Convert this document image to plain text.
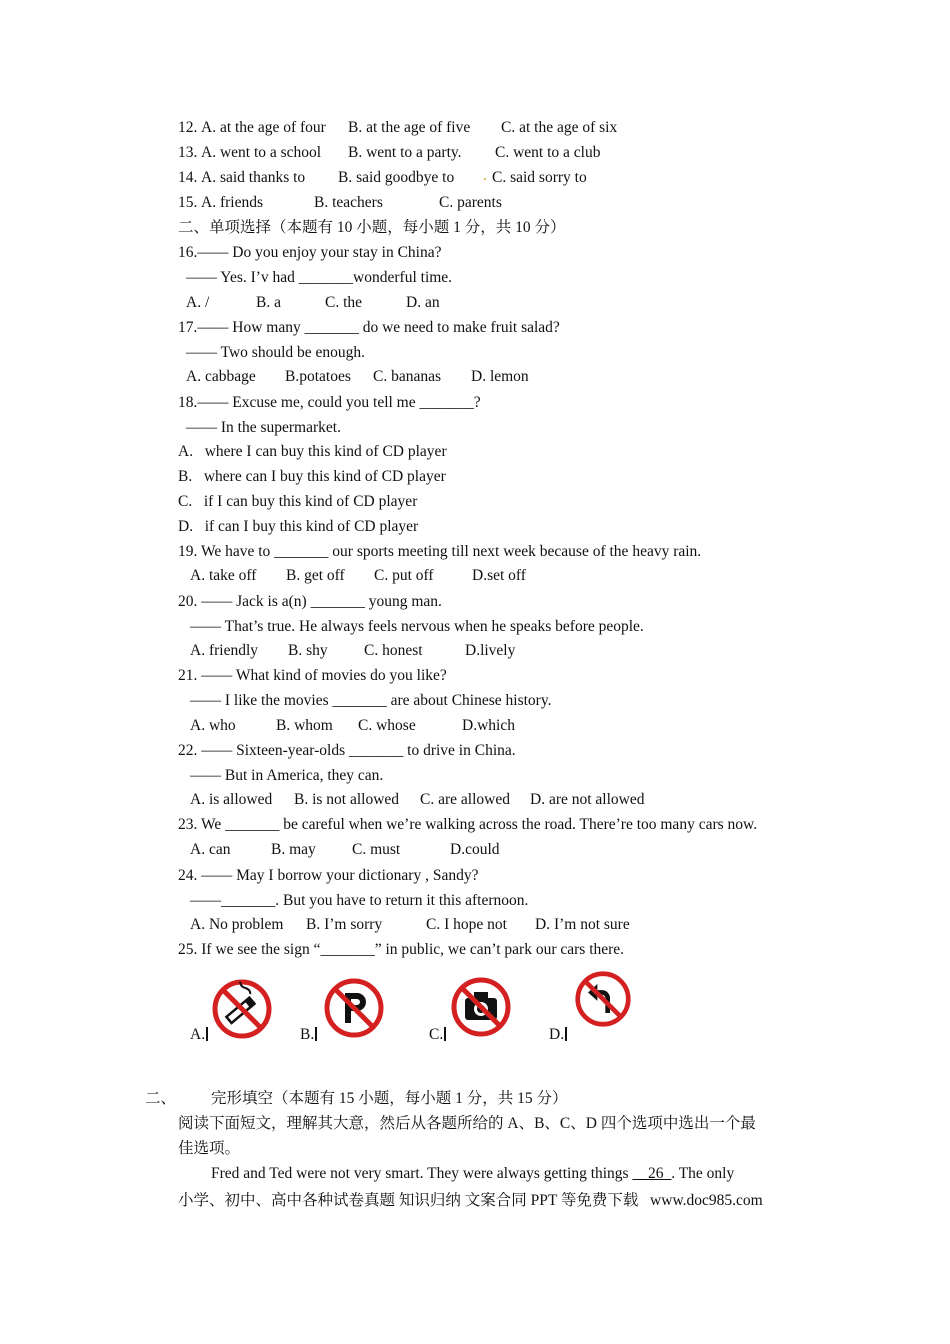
12. A. at the age of four B. at the age of five C. at the age of six
13. A. went to a school B. went to a party. C. went to a club
14. A. said thanks to B. said goodbye to . C. said sorry to
15. A. friends	B. teachers	C. parents
二、单项选择（本题有 10 小题，每小题 1 分，共 10 分）
16.—— Do you enjoy your stay in China?
—— Yes. I’v had _______wonderful time.
A. /	B. a	C. the	D. an
17.—— How many _______ do we need to make fruit salad?
—— Two should be enough.
A. cabbage B.potatoes C. bananas D. lemon
18.—— Excuse me, could you tell me _______?
—— In the supermarket.
A.   where I can buy this kind of CD player
B.   where can I buy this kind of CD player
C.   if I can buy this kind of CD player
D.   if can I buy this kind of CD player
19. We have to _______ our sports meeting till next week because of the heavy rain.
A. take off B. get off C. put off D.set off
20. —— Jack is a(n) _______ young man.
—— That’s true. He always feels nervous when he speaks before people.
A. friendly B. shy C. honest	D.lively
21. —— What kind of movies do you like?
—— I like the movies _______ are about Chinese history.
A. who	B. whom C. whose	D.which
22. —— Sixteen-year-olds _______ to drive in China.
—— But in America, they can.
A. is allowed B. is not allowed C. are allowed D. are not allowed
23. We _______ be careful when we’re walking across the road. There’re too many cars now.
A. can	B. may C. must	D.could
24. —— May I borrow your dictionary , Sandy?
——_______. But you have to return it this afternoon.
A. No problem B. I’m sorry	C. I hope not D. I’m not sure
25. If we see the sign “_______” in public, we can’t park our cars there.
A.	B.	C.	D.
二、 完形填空（本题有 15 小题，每小题 1 分，共 15 分）
阅读下面短文，理解其大意，然后从各题所给的 A、B、C、D 四个选项中选出一个最
佳选项。
Fred and Ted were not very smart. They were always getting things __26_. The only
小学、初中、高中各种试卷真题 知识归纳 文案合同 PPT 等免费下载   www.doc985.com
